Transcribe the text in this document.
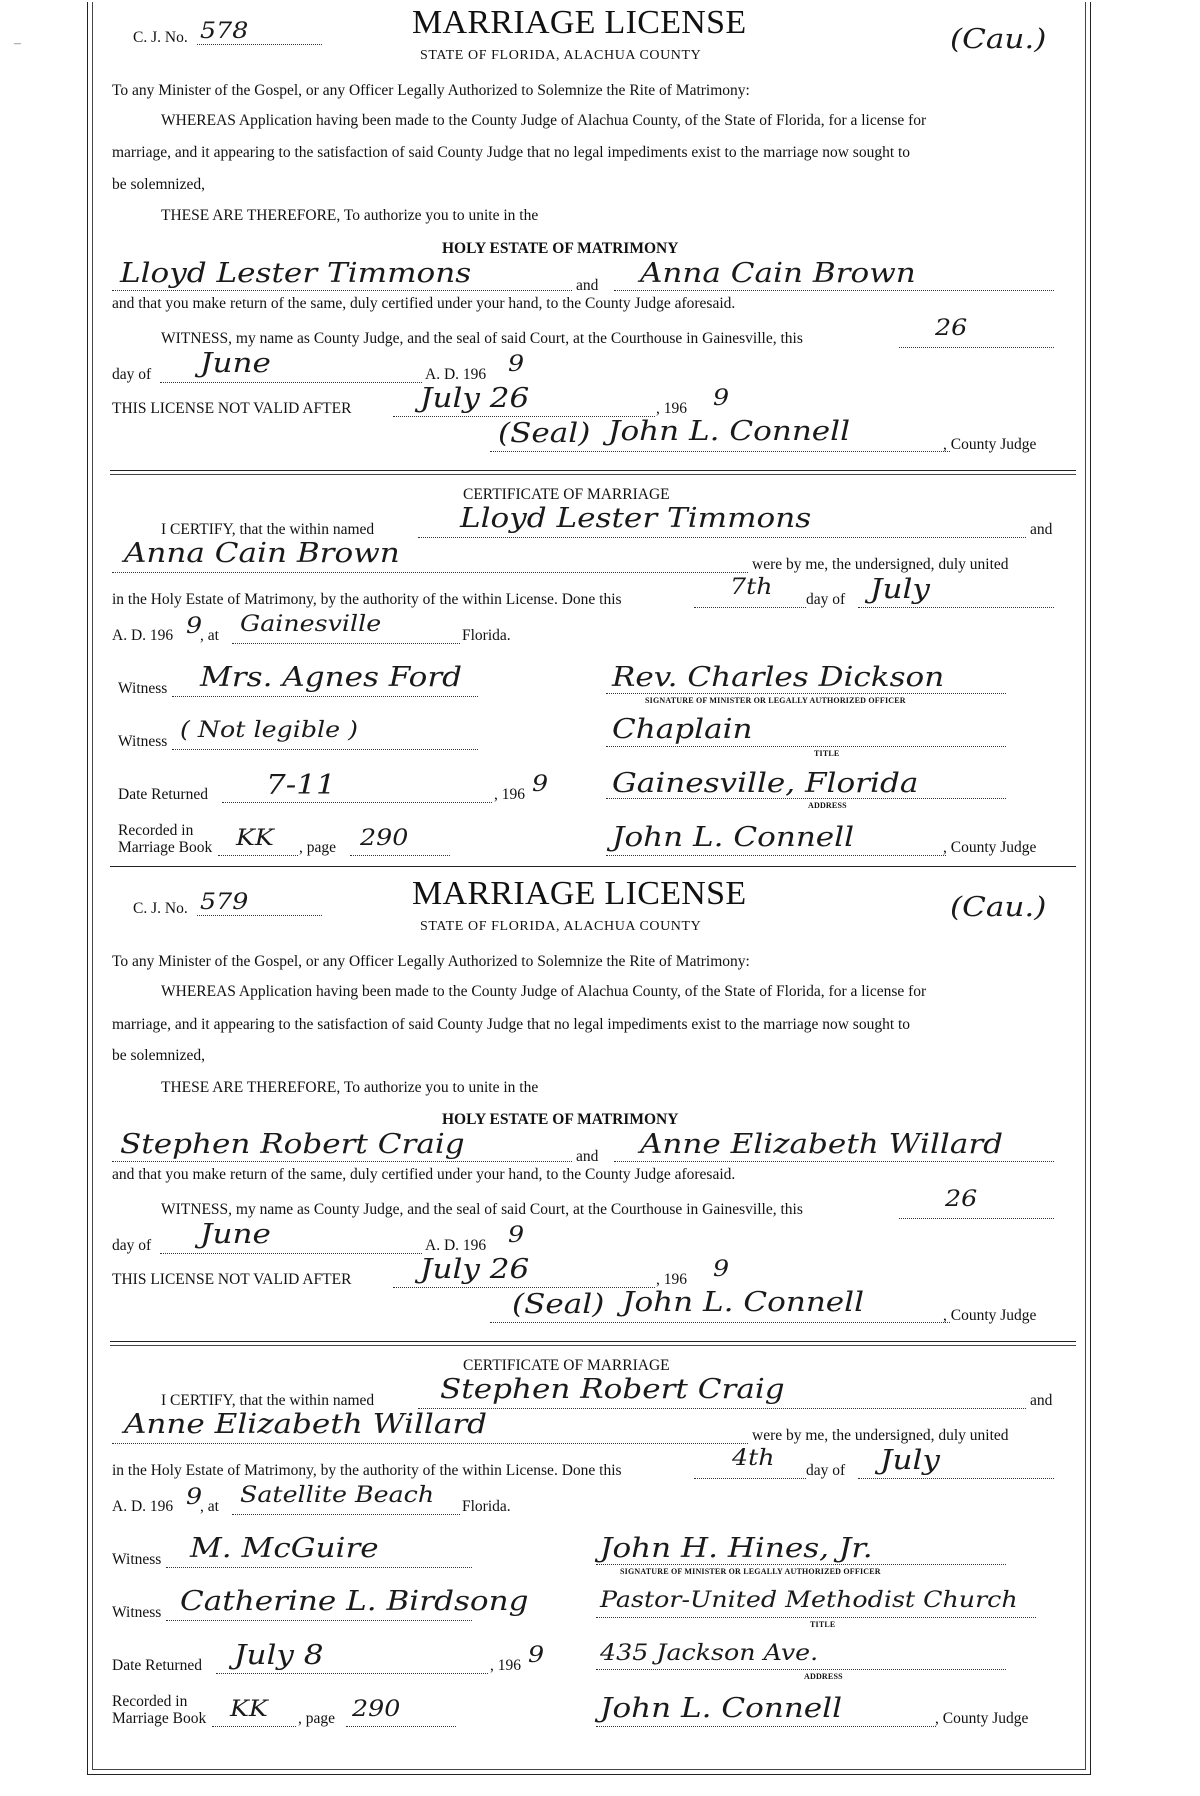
–	C. J. No. 578	MARRIAGE LICENSE
STATE OF FLORIDA, ALACHUA COUNTY
(Cau.)
To any Minister of the Gospel, or any Officer Legally Authorized to Solemnize the Rite of Matrimony:
WHEREAS Application having been made to the County Judge of Alachua County, of the State of Florida, for a license for
marriage, and it appearing to the satisfaction of said County Judge that no legal impediments exist to the marriage now sought to
be solemnized,
THESE ARE THEREFORE, To authorize you to unite in the
HOLY ESTATE OF MATRIMONY
Lloyd Lester Timmons	and Anna Cain Brown
and that you make return of the same, duly certified under your hand, to the County Judge aforesaid.
WITNESS, my name as County Judge, and the seal of said Court, at the Courthouse in Gainesville, this	26
day of June	A. D. 196 9
THIS LICENSE NOT VALID AFTER	July 26	, 196 9
(Seal) John L. Connell	, County Judge
CERTIFICATE OF MARRIAGE
I CERTIFY, that the within named	Lloyd Lester Timmons	and
Anna Cain Brown	were by me, the undersigned, duly united
in the Holy Estate of Matrimony, by the authority of the within License. Done this	7th day of July
A. D. 196 9
, at Gainesville	Florida.
Witness Mrs. Agnes Ford	Rev. Charles Dickson
SIGNATURE OF MINISTER OR LEGALLY AUTHORIZED OFFICER
Witness ( Not legible )	Chaplain
TITLE
Date Returned 7-11	, 196 9 Gainesville, Florida
ADDRESS
Recorded in
Marriage Book KK , page 290	John L. Connell	, County Judge
C. J. No. 579	MARRIAGE LICENSE
STATE OF FLORIDA, ALACHUA COUNTY
(Cau.)
To any Minister of the Gospel, or any Officer Legally Authorized to Solemnize the Rite of Matrimony:
WHEREAS Application having been made to the County Judge of Alachua County, of the State of Florida, for a license for
marriage, and it appearing to the satisfaction of said County Judge that no legal impediments exist to the marriage now sought to
be solemnized,
THESE ARE THEREFORE, To authorize you to unite in the
HOLY ESTATE OF MATRIMONY
Stephen Robert Craig	and Anne Elizabeth Willard
and that you make return of the same, duly certified under your hand, to the County Judge aforesaid.
WITNESS, my name as County Judge, and the seal of said Court, at the Courthouse in Gainesville, this	26
day of June	A. D. 196 9
THIS LICENSE NOT VALID AFTER	July 26	, 196 9
(Seal) John L. Connell	, County Judge
CERTIFICATE OF MARRIAGE
I CERTIFY, that the within named Stephen Robert Craig	and
Anne Elizabeth Willard	were by me, the undersigned, duly united
in the Holy Estate of Matrimony, by the authority of the within License. Done this	4th day of July
A. D. 196 9
, at Satellite Beach Florida.
Witness M. McGuire	John H. Hines, Jr.
SIGNATURE OF MINISTER OR LEGALLY AUTHORIZED OFFICER
Witness Catherine L. Birdsong	Pastor-United Methodist Church
TITLE
Date Returned July 8	, 196 9	435 Jackson Ave.
ADDRESS
Recorded in
Marriage Book KK , page 290	John L. Connell	, County Judge
